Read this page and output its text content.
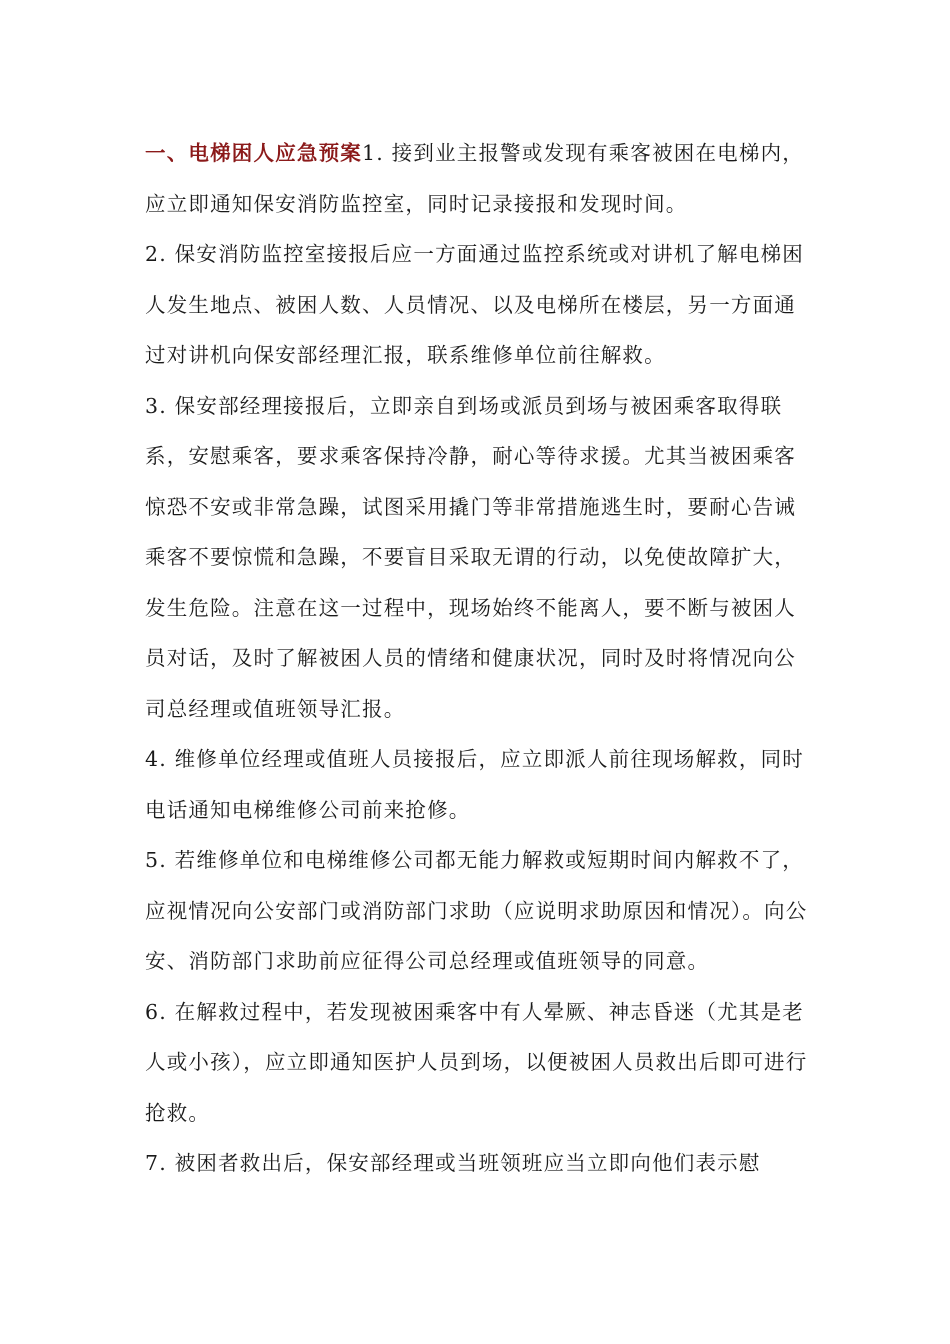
一、电梯困人应急预案1. 接到业主报警或发现有乘客被困在电梯内，应立即通知保安消防监控室，同时记录接报和发现时间。

2. 保安消防监控室接报后应一方面通过监控系统或对讲机了解电梯困人发生地点、被困人数、人员情况、以及电梯所在楼层，另一方面通过对讲机向保安部经理汇报，联系维修单位前往解救。

3. 保安部经理接报后，立即亲自到场或派员到场与被困乘客取得联系，安慰乘客，要求乘客保持冷静，耐心等待求援。尤其当被困乘客惊恐不安或非常急躁，试图采用撬门等非常措施逃生时，要耐心告诫乘客不要惊慌和急躁，不要盲目采取无谓的行动，以免使故障扩大，发生危险。注意在这一过程中，现场始终不能离人，要不断与被困人员对话，及时了解被困人员的情绪和健康状况，同时及时将情况向公司总经理或值班领导汇报。

4. 维修单位经理或值班人员接报后，应立即派人前往现场解救，同时电话通知电梯维修公司前来抢修。

5. 若维修单位和电梯维修公司都无能力解救或短期时间内解救不了，应视情况向公安部门或消防部门求助（应说明求助原因和情况）。向公安、消防部门求助前应征得公司总经理或值班领导的同意。

6. 在解救过程中，若发现被困乘客中有人晕厥、神志昏迷（尤其是老人或小孩），应立即通知医护人员到场，以便被困人员救出后即可进行抢救。

7. 被困者救出后，保安部经理或当班领班应当立即向他们表示慰
